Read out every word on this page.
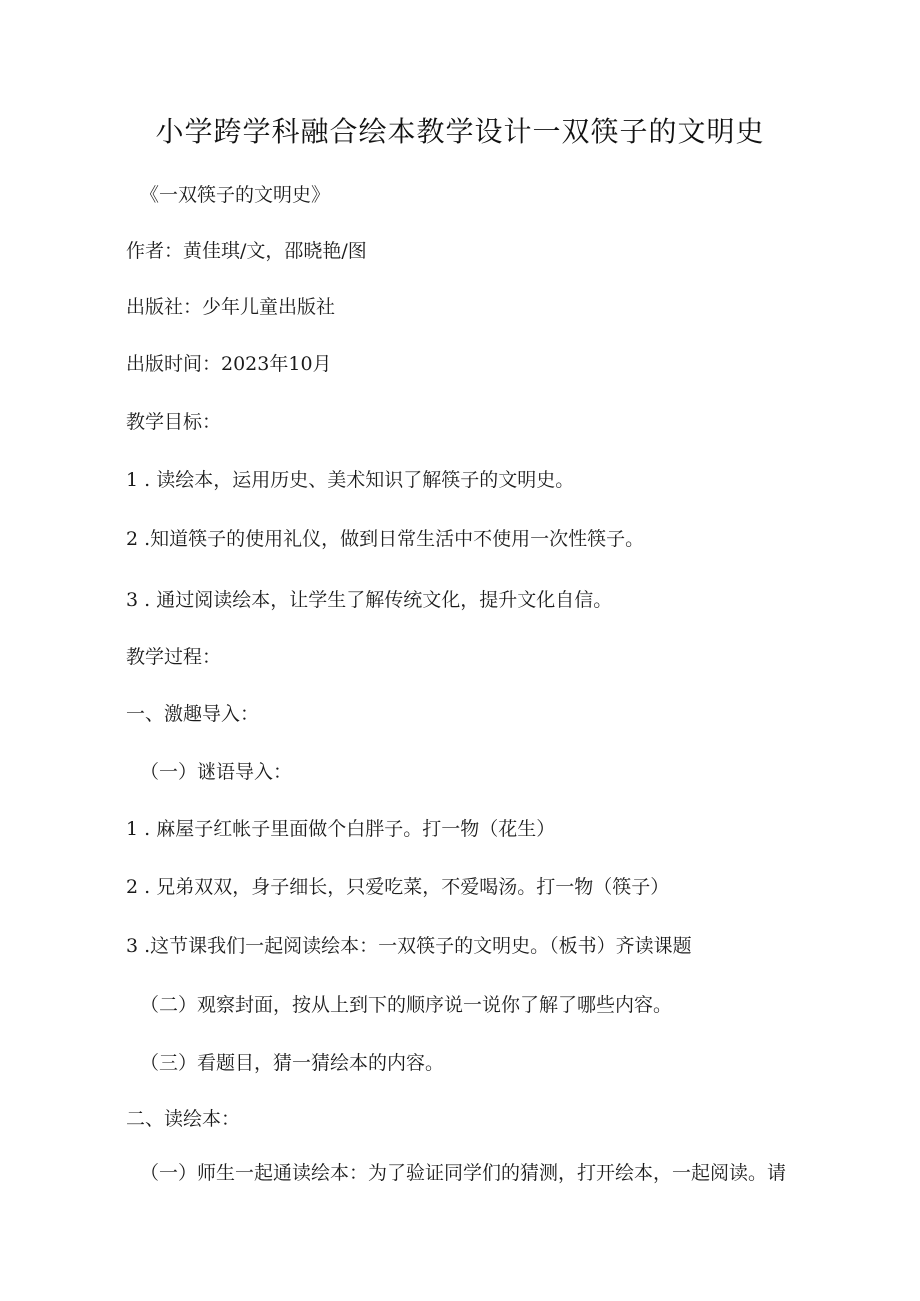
小学跨学科融合绘本教学设计一双筷子的文明史
《一双筷子的文明史》
作者：黄佳琪/文，邵晓艳/图
出版社：少年儿童出版社
出版时间：2023年10月
教学目标：
1 . 读绘本，运用历史、美术知识了解筷子的文明史。
2 .知道筷子的使用礼仪，做到日常生活中不使用一次性筷子。
3 . 通过阅读绘本，让学生了解传统文化，提升文化自信。
教学过程：
一、激趣导入：
（一）谜语导入：
1 . 麻屋子红帐子里面做个白胖子。打一物（花生）
2 . 兄弟双双，身子细长，只爱吃菜，不爱喝汤。打一物（筷子）
3 .这节课我们一起阅读绘本：一双筷子的文明史。（板书）齐读课题
（二）观察封面，按从上到下的顺序说一说你了解了哪些内容。
（三）看题目，猜一猜绘本的内容。
二、读绘本：
（一）师生一起通读绘本：为了验证同学们的猜测，打开绘本，一起阅读。请
